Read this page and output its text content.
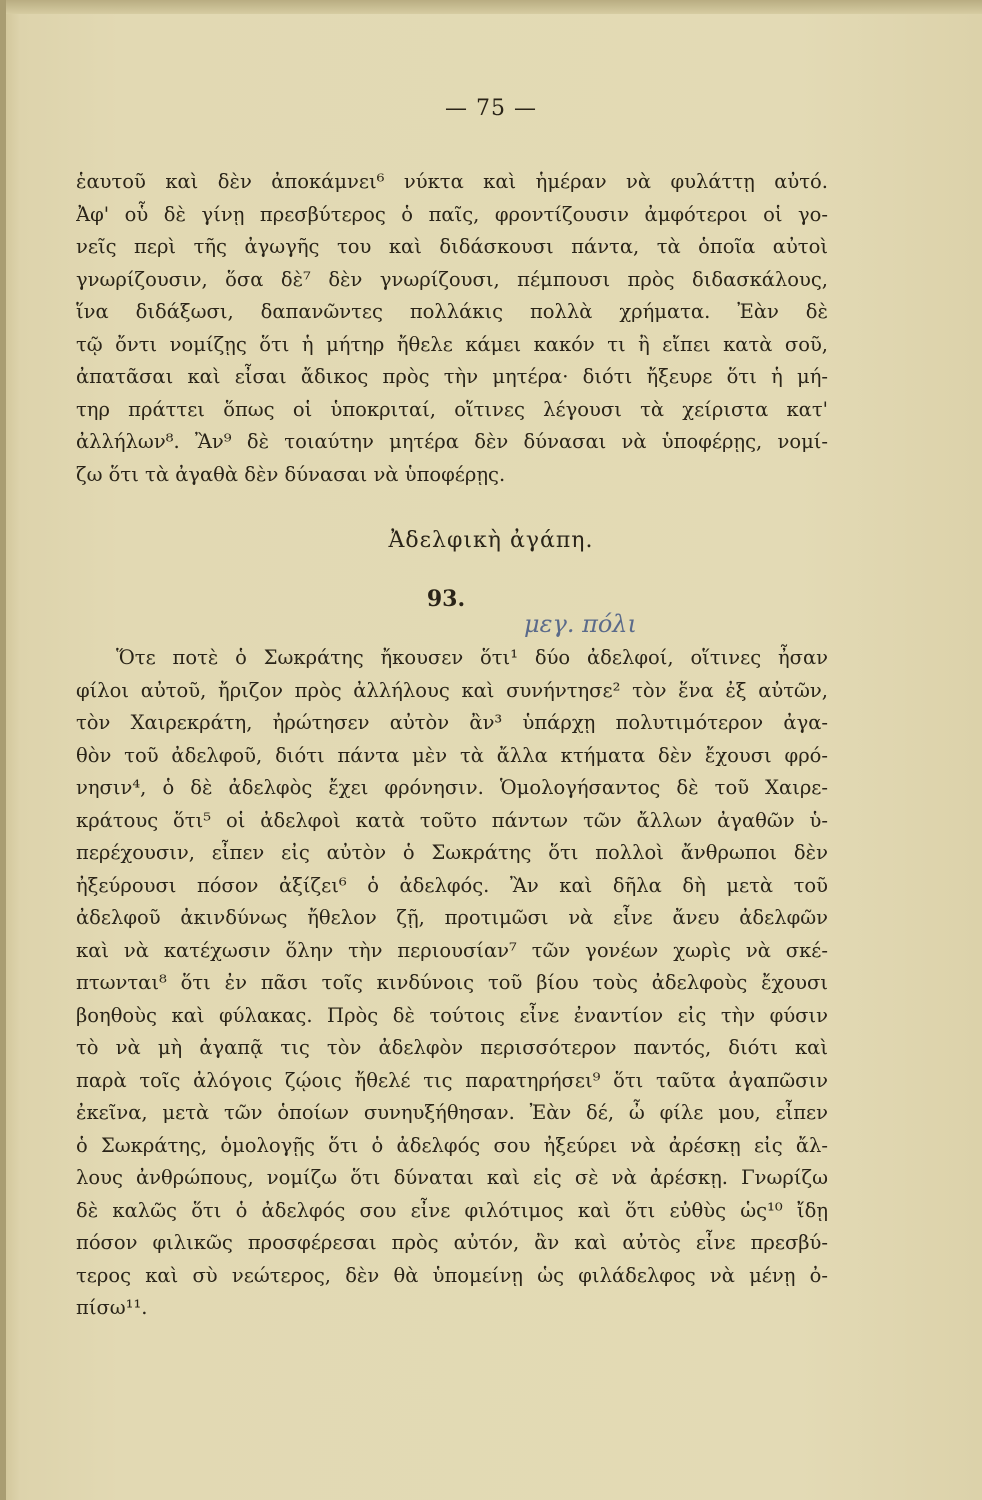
— 75 —
ἑαυτοῦ καὶ δὲν ἀποκάμνει⁶ νύκτα καὶ ἡμέραν νὰ φυλάττῃ αὐτό.
Ἀφ' οὗ δὲ γίνῃ πρεσβύτερος ὁ παῖς, φροντίζουσιν ἀμφότεροι οἱ γο-
νεῖς περὶ τῆς ἀγωγῆς του καὶ διδάσκουσι πάντα, τὰ ὁποῖα αὐτοὶ
γνωρίζουσιν, ὅσα δὲ⁷ δὲν γνωρίζουσι, πέμπουσι πρὸς διδασκάλους,
ἵνα διδάξωσι, δαπανῶντες πολλάκις πολλὰ χρήματα. Ἐὰν δὲ
τῷ ὄντι νομίζῃς ὅτι ἡ μήτηρ ἤθελε κάμει κακόν τι ἢ εἴπει κατὰ σοῦ,
ἀπατᾶσαι καὶ εἶσαι ἄδικος πρὸς τὴν μητέρα· διότι ἤξευρε ὅτι ἡ μή-
τηρ πράττει ὅπως οἱ ὑποκριταί, οἵτινες λέγουσι τὰ χείριστα κατ'
ἀλλήλων⁸. Ἂν⁹ δὲ τοιαύτην μητέρα δὲν δύνασαι νὰ ὑποφέρῃς, νομί-
ζω ὅτι τὰ ἀγαθὰ δὲν δύνασαι νὰ ὑποφέρῃς.
Ἀδελφικὴ ἀγάπη.
93.
μεγ. πόλι
Ὅτε ποτὲ ὁ Σωκράτης ἤκουσεν ὅτι¹ δύο ἀδελφοί, οἵτινες ἦσαν
φίλοι αὐτοῦ, ἤριζον πρὸς ἀλλήλους καὶ συνήντησε² τὸν ἕνα ἐξ αὐτῶν,
τὸν Χαιρεκράτη, ἠρώτησεν αὐτὸν ἂν³ ὑπάρχῃ πολυτιμότερον ἀγα-
θὸν τοῦ ἀδελφοῦ, διότι πάντα μὲν τὰ ἄλλα κτήματα δὲν ἔχουσι φρό-
νησιν⁴, ὁ δὲ ἀδελφὸς ἔχει φρόνησιν. Ὁμολογήσαντος δὲ τοῦ Χαιρε-
κράτους ὅτι⁵ οἱ ἀδελφοὶ κατὰ τοῦτο πάντων τῶν ἄλλων ἀγαθῶν ὑ-
περέχουσιν, εἶπεν εἰς αὐτὸν ὁ Σωκράτης ὅτι πολλοὶ ἄνθρωποι δὲν
ἠξεύρουσι πόσον ἀξίζει⁶ ὁ ἀδελφός. Ἂν καὶ δῆλα δὴ μετὰ τοῦ
ἀδελφοῦ ἀκινδύνως ἤθελον ζῇ, προτιμῶσι νὰ εἶνε ἄνευ ἀδελφῶν
καὶ νὰ κατέχωσιν ὅλην τὴν περιουσίαν⁷ τῶν γονέων χωρὶς νὰ σκέ-
πτωνται⁸ ὅτι ἐν πᾶσι τοῖς κινδύνοις τοῦ βίου τοὺς ἀδελφοὺς ἔχουσι
βοηθοὺς καὶ φύλακας. Πρὸς δὲ τούτοις εἶνε ἐναντίον εἰς τὴν φύσιν
τὸ νὰ μὴ ἀγαπᾷ τις τὸν ἀδελφὸν περισσότερον παντός, διότι καὶ
παρὰ τοῖς ἀλόγοις ζῴοις ἤθελέ τις παρατηρήσει⁹ ὅτι ταῦτα ἀγαπῶσιν
ἐκεῖνα, μετὰ τῶν ὁποίων συνηυξήθησαν. Ἐὰν δέ, ὦ φίλε μου, εἶπεν
ὁ Σωκράτης, ὁμολογῇς ὅτι ὁ ἀδελφός σου ἠξεύρει νὰ ἀρέσκῃ εἰς ἄλ-
λους ἀνθρώπους, νομίζω ὅτι δύναται καὶ εἰς σὲ νὰ ἀρέσκῃ. Γνωρίζω
δὲ καλῶς ὅτι ὁ ἀδελφός σου εἶνε φιλότιμος καὶ ὅτι εὐθὺς ὡς¹⁰ ἴδῃ
πόσον φιλικῶς προσφέρεσαι πρὸς αὐτόν, ἂν καὶ αὐτὸς εἶνε πρεσβύ-
τερος καὶ σὺ νεώτερος, δὲν θὰ ὑπομείνῃ ὡς φιλάδελφος νὰ μένῃ ὀ-
πίσω¹¹.
